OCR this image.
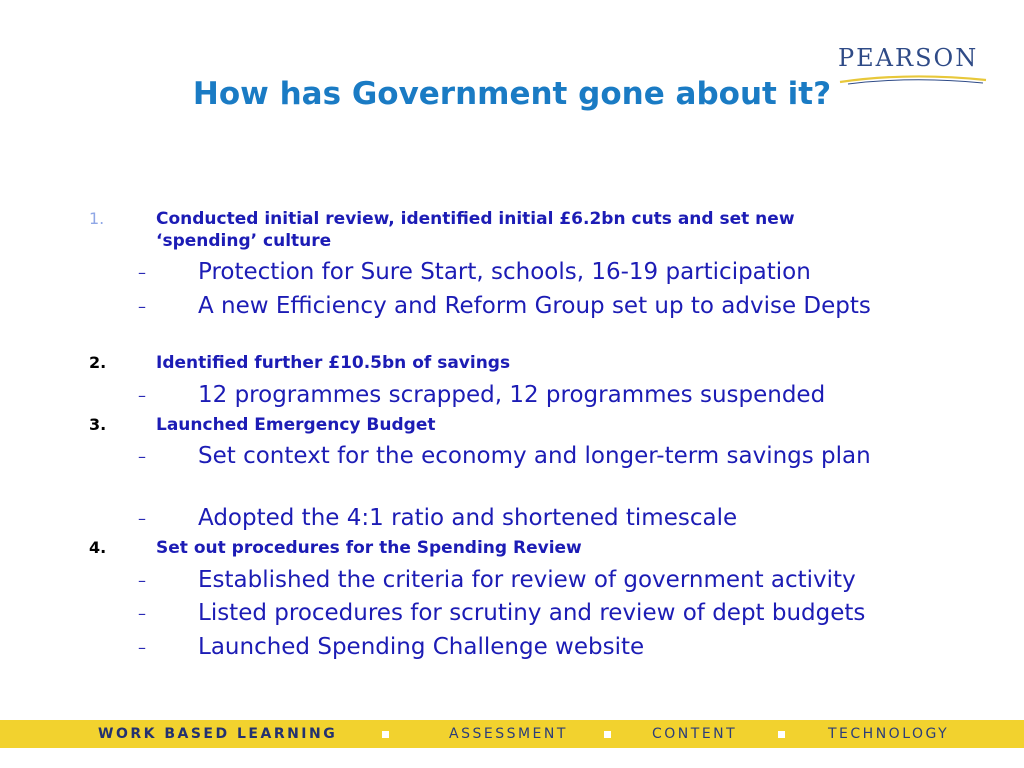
PEARSON
How has Government gone about it?
1.	Conducted initial review, identified initial £6.2bn cuts and set new ‘spending’ culture
– Protection for Sure Start, schools, 16-19 participation
– A new Efficiency and Reform Group set up to advise Depts
2.	Identified further £10.5bn of savings
– 12 programmes scrapped, 12 programmes suspended
3.	Launched Emergency Budget
– Set context for the economy and longer-term savings plan
– Adopted the 4:1 ratio and shortened timescale
4.	Set out procedures for the Spending Review
– Established the criteria for review of government activity
– Listed procedures for scrutiny and review of dept budgets
– Launched Spending Challenge website
WORK BASED LEARNING	ASSESSMENT	CONTENT	TECHNOLOGY
